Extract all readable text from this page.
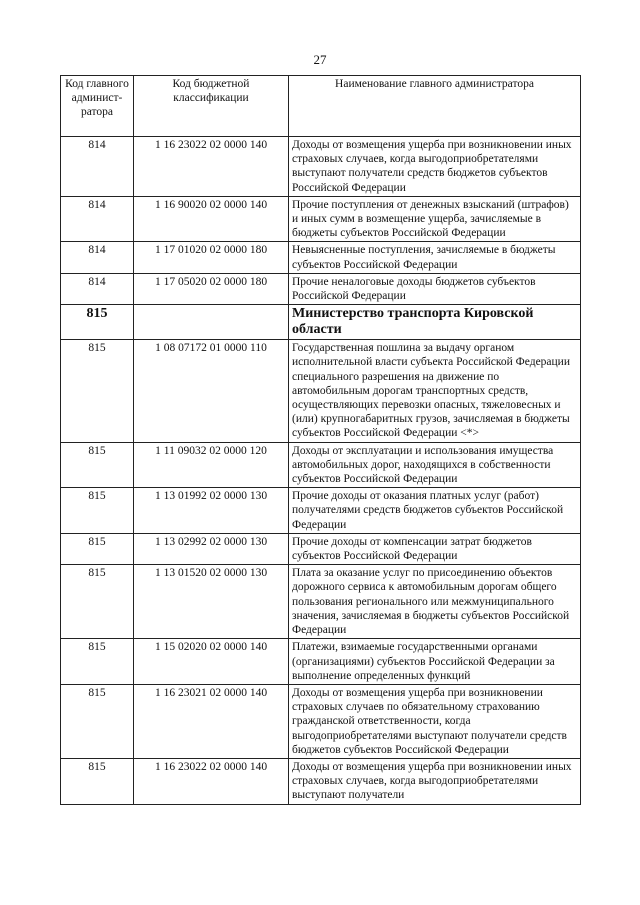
27
Код главного админист-ратора	Код бюджетной классификации	Наименование главного администратора
814	1 16 23022 02 0000 140	Доходы от возмещения ущерба при возникновении иных страховых случаев, когда выгодоприобретателями выступают получатели средств бюджетов субъектов Российской Федерации
814	1 16 90020 02 0000 140	Прочие поступления от денежных взысканий (штрафов) и иных сумм в возмещение ущерба, зачисляемые в бюджеты субъектов Российской Федерации
814	1 17 01020 02 0000 180	Невыясненные поступления, зачисляемые в бюджеты субъектов Российской Федерации
814	1 17 05020 02 0000 180	Прочие неналоговые доходы бюджетов субъектов Российской Федерации
815		Министерство транспорта Кировской области
815	1 08 07172 01 0000 110	Государственная пошлина за выдачу органом исполнительной власти субъекта Российской Федерации специального разрешения на движение по автомобильным дорогам транспортных средств, осуществляющих перевозки опасных, тяжеловесных и (или) крупногабаритных грузов, зачисляемая в бюджеты субъектов Российской Федерации <*>
815	1 11 09032 02 0000 120	Доходы от эксплуатации и использования имущества автомобильных дорог, находящихся в собственности субъектов Российской Федерации
815	1 13 01992 02 0000 130	Прочие доходы от оказания платных услуг (работ) получателями средств бюджетов субъектов Российской Федерации
815	1 13 02992 02 0000 130	Прочие доходы от компенсации затрат бюджетов субъектов Российской Федерации
815	1 13 01520 02 0000 130	Плата за оказание услуг по присоединению объектов дорожного сервиса к автомобильным дорогам общего пользования регионального или межмуниципального значения, зачисляемая в бюджеты субъектов Российской Федерации
815	1 15 02020 02 0000 140	Платежи, взимаемые государственными органами (организациями) субъектов Российской Федерации за выполнение определенных функций
815	1 16 23021 02 0000 140	Доходы от возмещения ущерба при возникновении страховых случаев по обязательному страхованию гражданской ответственности, когда выгодоприобретателями выступают получатели средств бюджетов субъектов Российской Федерации
815	1 16 23022 02 0000 140	Доходы от возмещения ущерба при возникновении иных страховых случаев, когда выгодоприобретателями выступают получатели
